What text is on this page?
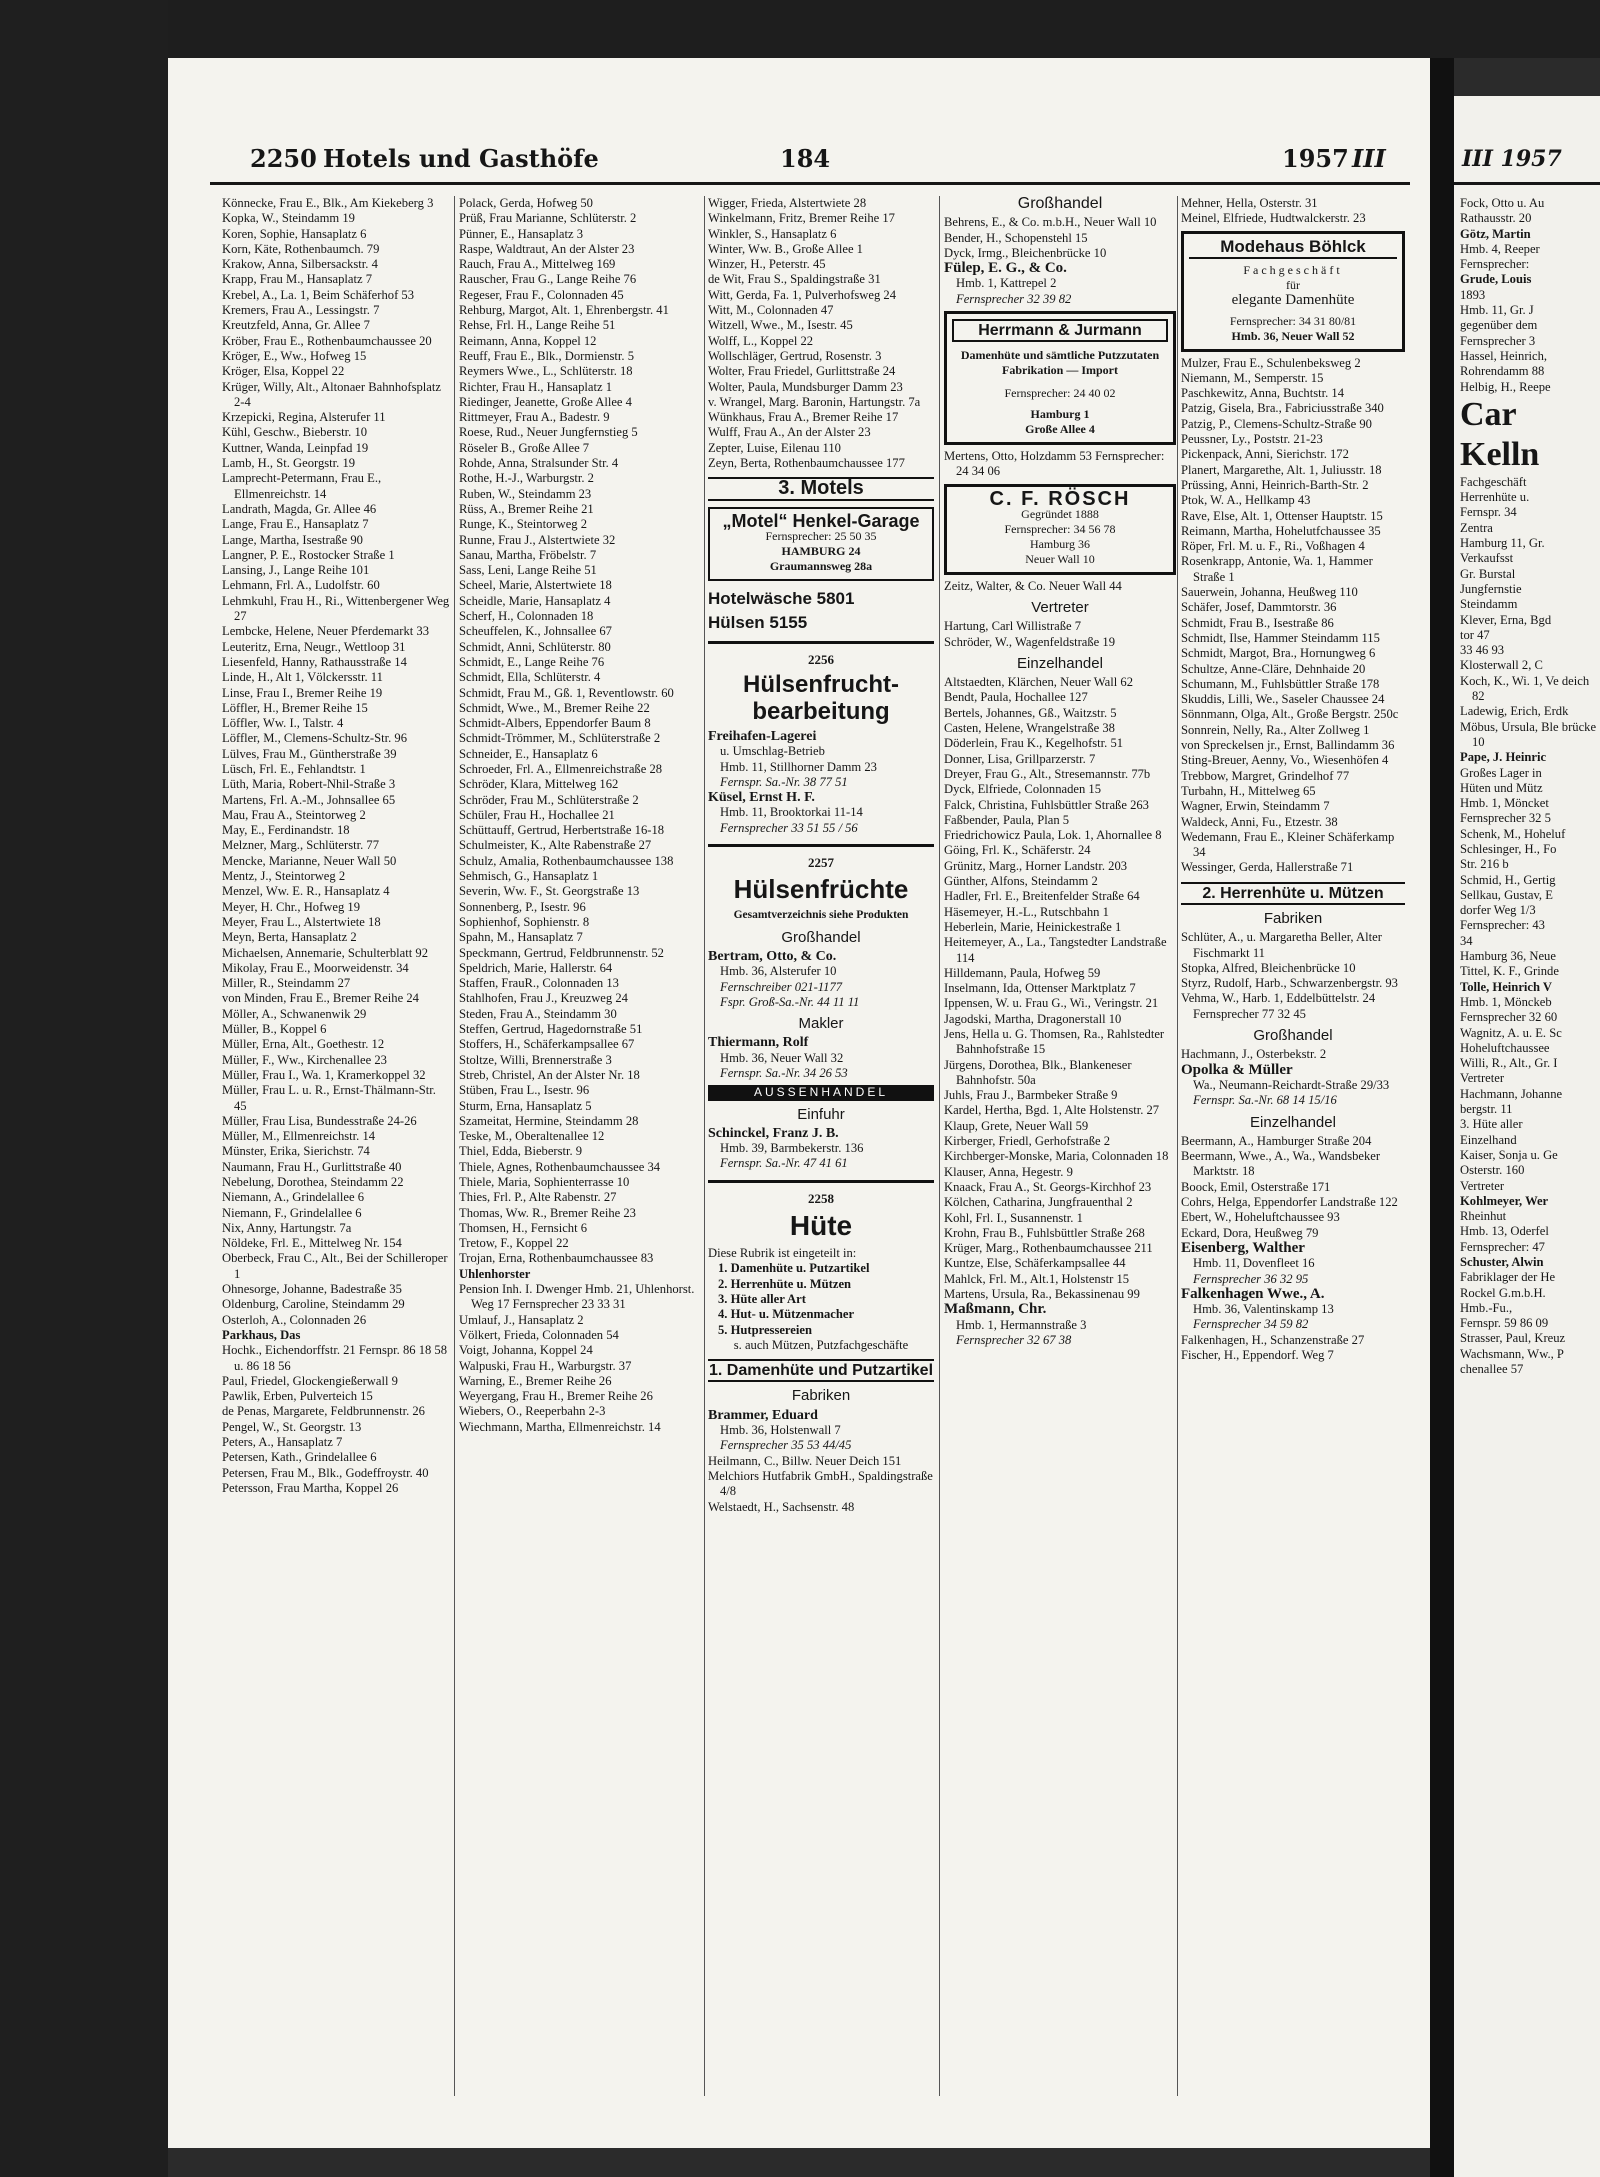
2250 Hotels und Gasthöfe	184	1957 III

Könnecke, Frau E., Blk., Am Kiekeberg 3

Kopka, W., Steindamm 19

Koren, Sophie, Hansaplatz 6

Korn, Käte, Rothenbaumch. 79

Krakow, Anna, Silbersackstr. 4

Krapp, Frau M., Hansaplatz 7

Krebel, A., La. 1, Beim Schäferhof 53

Kremers, Frau A., Lessingstr. 7

Kreutzfeld, Anna, Gr. Allee 7

Kröber, Frau E., Rothenbaumchaussee 20

Kröger, E., Ww., Hofweg 15

Kröger, Elsa, Koppel 22

Krüger, Willy, Alt., Altonaer Bahnhofsplatz 2-4

Krzepicki, Regina, Alsterufer 11

Kühl, Geschw., Bieberstr. 10

Kuttner, Wanda, Leinpfad 19

Lamb, H., St. Georgstr. 19

Lamprecht-Petermann, Frau E., Ellmenreichstr. 14

Landrath, Magda, Gr. Allee 46

Lange, Frau E., Hansaplatz 7

Lange, Martha, Isestraße 90

Langner, P. E., Rostocker Straße 1

Lansing, J., Lange Reihe 101

Lehmann, Frl. A., Ludolfstr. 60

Lehmkuhl, Frau H., Ri., Wittenbergener Weg 27

Lembcke, Helene, Neuer Pferdemarkt 33

Leuteritz, Erna, Neugr., Wettloop 31

Liesenfeld, Hanny, Rathausstraße 14

Linde, H., Alt 1, Völckersstr. 11

Linse, Frau I., Bremer Reihe 19

Löffler, H., Bremer Reihe 15

Löffler, Ww. I., Talstr. 4

Löffler, M., Clemens-Schultz-Str. 96

Lülves, Frau M., Güntherstraße 39

Lüsch, Frl. E., Fehlandtstr. 1

Lüth, Maria, Robert-Nhil-Straße 3

Martens, Frl. A.-M., Johnsallee 65

Mau, Frau A., Steintorweg 2

May, E., Ferdinandstr. 18

Melzner, Marg., Schlüterstr. 77

Mencke, Marianne, Neuer Wall 50

Mentz, J., Steintorweg 2

Menzel, Ww. E. R., Hansaplatz 4

Meyer, H. Chr., Hofweg 19

Meyer, Frau L., Alstertwiete 18

Meyn, Berta, Hansaplatz 2

Michaelsen, Annemarie, Schulterblatt 92

Mikolay, Frau E., Moorweidenstr. 34

Miller, R., Steindamm 27

von Minden, Frau E., Bremer Reihe 24

Möller, A., Schwanenwik 29

Müller, B., Koppel 6

Müller, Erna, Alt., Goethestr. 12

Müller, F., Ww., Kirchenallee 23

Müller, Frau I., Wa. 1, Kramerkoppel 32

Müller, Frau L. u. R., Ernst-Thälmann-Str. 45

Müller, Frau Lisa, Bundesstraße 24-26

Müller, M., Ellmenreichstr. 14

Münster, Erika, Sierichstr. 74

Naumann, Frau H., Gurlittstraße 40

Nebelung, Dorothea, Steindamm 22

Niemann, A., Grindelallee 6

Niemann, F., Grindelallee 6

Nix, Anny, Hartungstr. 7a

Nöldeke, Frl. E., Mittelweg Nr. 154

Oberbeck, Frau C., Alt., Bei der Schilleroper 1

Ohnesorge, Johanne, Badestraße 35

Oldenburg, Caroline, Steindamm 29

Osterloh, A., Colonnaden 26

Parkhaus, Das

Hochk., Eichendorffstr. 21 Fernspr. 86 18 58 u. 86 18 56

Paul, Friedel, Glockengießerwall 9

Pawlik, Erben, Pulverteich 15

de Penas, Margarete, Feldbrunnenstr. 26

Pengel, W., St. Georgstr. 13

Peters, A., Hansaplatz 7

Petersen, Kath., Grindelallee 6

Petersen, Frau M., Blk., Godeffroystr. 40

Petersson, Frau Martha, Koppel 26

Polack, Gerda, Hofweg 50

Prüß, Frau Marianne, Schlüterstr. 2

Pünner, E., Hansaplatz 3

Raspe, Waldtraut, An der Alster 23

Rauch, Frau A., Mittelweg 169

Rauscher, Frau G., Lange Reihe 76

Regeser, Frau F., Colonnaden 45

Rehburg, Margot, Alt. 1, Ehrenbergstr. 41

Rehse, Frl. H., Lange Reihe 51

Reimann, Anna, Koppel 12

Reuff, Frau E., Blk., Dormienstr. 5

Reymers Wwe., L., Schlüterstr. 18

Richter, Frau H., Hansaplatz 1

Riedinger, Jeanette, Große Allee 4

Rittmeyer, Frau A., Badestr. 9

Roese, Rud., Neuer Jungfernstieg 5

Röseler B., Große Allee 7

Rohde, Anna, Stralsunder Str. 4

Rothe, H.-J., Warburgstr. 2

Ruben, W., Steindamm 23

Rüss, A., Bremer Reihe 21

Runge, K., Steintorweg 2

Runne, Frau J., Alstertwiete 32

Sanau, Martha, Fröbelstr. 7

Sass, Leni, Lange Reihe 51

Scheel, Marie, Alstertwiete 18

Scheidle, Marie, Hansaplatz 4

Scherf, H., Colonnaden 18

Scheuffelen, K., Johnsallee 67

Schmidt, Anni, Schlüterstr. 80

Schmidt, E., Lange Reihe 76

Schmidt, Ella, Schlüterstr. 4

Schmidt, Frau M., Gß. 1, Reventlowstr. 60

Schmidt, Wwe., M., Bremer Reihe 22

Schmidt-Albers, Eppendorfer Baum 8

Schmidt-Trömmer, M., Schlüterstraße 2

Schneider, E., Hansaplatz 6

Schroeder, Frl. A., Ellmenreichstraße 28

Schröder, Klara, Mittelweg 162

Schröder, Frau M., Schlüterstraße 2

Schüler, Frau H., Hochallee 21

Schüttauff, Gertrud, Herbertstraße 16-18

Schulmeister, K., Alte Rabenstraße 27

Schulz, Amalia, Rothenbaumchaussee 138

Sehmisch, G., Hansaplatz 1

Severin, Ww. F., St. Georgstraße 13

Sonnenberg, P., Isestr. 96

Sophienhof, Sophienstr. 8

Spahn, M., Hansaplatz 7

Speckmann, Gertrud, Feldbrunnenstr. 52

Speldrich, Marie, Hallerstr. 64

Staffen, FrauR., Colonnaden 13

Stahlhofen, Frau J., Kreuzweg 24

Steden, Frau A., Steindamm 30

Steffen, Gertrud, Hagedornstraße 51

Stoffers, H., Schäferkampsallee 67

Stoltze, Willi, Brennerstraße 3

Streb, Christel, An der Alster Nr. 18

Stüben, Frau L., Isestr. 96

Sturm, Erna, Hansaplatz 5

Szameitat, Hermine, Steindamm 28

Teske, M., Oberaltenallee 12

Thiel, Edda, Bieberstr. 9

Thiele, Agnes, Rothenbaumchaussee 34

Thiele, Maria, Sophienterrasse 10

Thies, Frl. P., Alte Rabenstr. 27

Thomas, Ww. R., Bremer Reihe 23

Thomsen, H., Fernsicht 6

Tretow, F., Koppel 22

Trojan, Erna, Rothenbaumchaussee 83

Uhlenhorster

Pension Inh. I. Dwenger Hmb. 21, Uhlenhorst. Weg 17 Fernsprecher 23 33 31

Umlauf, J., Hansaplatz 2

Völkert, Frieda, Colonnaden 54

Voigt, Johanna, Koppel 24

Walpuski, Frau H., Warburgstr. 37

Warning, E., Bremer Reihe 26

Weyergang, Frau H., Bremer Reihe 26

Wiebers, O., Reeperbahn 2-3

Wiechmann, Martha, Ellmenreichstr. 14

Wigger, Frieda, Alstertwiete 28

Winkelmann, Fritz, Bremer Reihe 17

Winkler, S., Hansaplatz 6

Winter, Ww. B., Große Allee 1

Winzer, H., Peterstr. 45

de Wit, Frau S., Spaldingstraße 31

Witt, Gerda, Fa. 1, Pulverhofsweg 24

Witt, M., Colonnaden 47

Witzell, Wwe., M., Isestr. 45

Wolff, L., Koppel 22

Wollschläger, Gertrud, Rosenstr. 3

Wolter, Frau Friedel, Gurlittstraße 24

Wolter, Paula, Mundsburger Damm 23

v. Wrangel, Marg. Baronin, Hartungstr. 7a

Wünkhaus, Frau A., Bremer Reihe 17

Wulff, Frau A., An der Alster 23

Zepter, Luise, Eilenau 110

Zeyn, Berta, Rothenbaumchaussee 177

3. Motels
„Motel“ Henkel-Garage
Fernsprecher: 25 50 35
HAMBURG 24
Graumannsweg 28a
Hotelwäsche 5801
Hülsen 5155
2256
Hülsenfrucht-bearbeitung
Freihafen-Lagerei
u. Umschlag-Betrieb
Hmb. 11, Stillhorner Damm 23
Fernspr. Sa.-Nr. 38 77 51
Küsel, Ernst H. F.
Hmb. 11, Brooktorkai 11-14
Fernsprecher 33 51 55 / 56
2257
Hülsenfrüchte
Gesamtverzeichnis siehe Produkten
Großhandel
Bertram, Otto, & Co.
Hmb. 36, Alsterufer 10
Fernschreiber 021-1177
Fspr. Groß-Sa.-Nr. 44 11 11
Makler
Thiermann, Rolf
Hmb. 36, Neuer Wall 32
Fernspr. Sa.-Nr. 34 26 53
AUSSENHANDEL
Einfuhr
Schinckel, Franz J. B.
Hmb. 39, Barmbekerstr. 136
Fernspr. Sa.-Nr. 47 41 61
2258
Hüte
Diese Rubrik ist eingeteilt in:

1. Damenhüte u. Putzartikel

2. Herrenhüte u. Mützen

3. Hüte aller Art

4. Hut- u. Mützenmacher

5. Hutpressereien

s. auch Mützen, Putzfachgeschäfte
1. Damenhüte und Putzartikel
Fabriken
Brammer, Eduard
Hmb. 36, Holstenwall 7
Fernsprecher 35 53 44/45

Heilmann, C., Billw. Neuer Deich 151

Melchiors Hutfabrik GmbH., Spaldingstraße 4/8

Welstaedt, H., Sachsenstr. 48

Großhandel

Behrens, E., & Co. m.b.H., Neuer Wall 10

Bender, H., Schopenstehl 15

Dyck, Irmg., Bleichenbrücke 10

Fülep, E. G., & Co.
Hmb. 1, Kattrepel 2
Fernsprecher 32 39 82
Herrmann & Jurmann
Damenhüte und sämtliche Putzzutaten
Fabrikation — Import
Fernsprecher: 24 40 02
Hamburg 1
Große Allee 4

Mertens, Otto, Holzdamm 53 Fernsprecher: 24 34 06

C. F. RÖSCH
Gegründet 1888
Fernsprecher: 34 56 78
Hamburg 36
Neuer Wall 10

Zeitz, Walter, & Co. Neuer Wall 44

Vertreter

Hartung, Carl Willistraße 7

Schröder, W., Wagenfeldstraße 19

Einzelhandel

Altstaedten, Klärchen, Neuer Wall 62

Bendt, Paula, Hochallee 127

Bertels, Johannes, Gß., Waitzstr. 5

Casten, Helene, Wrangelstraße 38

Döderlein, Frau K., Kegelhofstr. 51

Donner, Lisa, Grillparzerstr. 7

Dreyer, Frau G., Alt., Stresemannstr. 77b

Dyck, Elfriede, Colonnaden 15

Falck, Christina, Fuhlsbüttler Straße 263

Faßbender, Paula, Plan 5

Friedrichowicz Paula, Lok. 1, Ahornallee 8

Göing, Frl. K., Schäferstr. 24

Grünitz, Marg., Horner Landstr. 203

Günther, Alfons, Steindamm 2

Hadler, Frl. E., Breitenfelder Straße 64

Häsemeyer, H.-L., Rutschbahn 1

Heberlein, Marie, Heinickestraße 1

Heitemeyer, A., La., Tangstedter Landstraße 114

Hilldemann, Paula, Hofweg 59

Inselmann, Ida, Ottenser Marktplatz 7

Ippensen, W. u. Frau G., Wi., Veringstr. 21

Jagodski, Martha, Dragonerstall 10

Jens, Hella u. G. Thomsen, Ra., Rahlstedter Bahnhofstraße 15

Jürgens, Dorothea, Blk., Blankeneser Bahnhofstr. 50a

Juhls, Frau J., Barmbeker Straße 9

Kardel, Hertha, Bgd. 1, Alte Holstenstr. 27

Klaup, Grete, Neuer Wall 59

Kirberger, Friedl, Gerhofstraße 2

Kirchberger-Monske, Maria, Colonnaden 18

Klauser, Anna, Hegestr. 9

Knaack, Frau A., St. Georgs-Kirchhof 23

Kölchen, Catharina, Jungfrauenthal 2

Kohl, Frl. I., Susannenstr. 1

Krohn, Frau B., Fuhlsbüttler Straße 268

Krüger, Marg., Rothenbaumchaussee 211

Kuntze, Else, Schäferkampsallee 44

Mahlck, Frl. M., Alt.1, Holstenstr 15

Martens, Ursula, Ra., Bekassinenau 99

Maßmann, Chr.
Hmb. 1, Hermannstraße 3
Fernsprecher 32 67 38

Mehner, Hella, Osterstr. 31

Meinel, Elfriede, Hudtwalckerstr. 23

Modehaus Böhlck
Fachgeschäft
für
elegante Damenhüte
Fernsprecher: 34 31 80/81
Hmb. 36, Neuer Wall 52

Mulzer, Frau E., Schulenbeksweg 2

Niemann, M., Semperstr. 15

Paschkewitz, Anna, Buchtstr. 14

Patzig, Gisela, Bra., Fabriciusstraße 340

Patzig, P., Clemens-Schultz-Straße 90

Peussner, Ly., Poststr. 21-23

Pickenpack, Anni, Sierichstr. 172

Planert, Margarethe, Alt. 1, Juliusstr. 18

Prüssing, Anni, Heinrich-Barth-Str. 2

Ptok, W. A., Hellkamp 43

Rave, Else, Alt. 1, Ottenser Hauptstr. 15

Reimann, Martha, Hohelutfchaussee 35

Röper, Frl. M. u. F., Ri., Voßhagen 4

Rosenkrapp, Antonie, Wa. 1, Hammer Straße 1

Sauerwein, Johanna, Heußweg 110

Schäfer, Josef, Dammtorstr. 36

Schmidt, Frau B., Isestraße 86

Schmidt, Ilse, Hammer Steindamm 115

Schmidt, Margot, Bra., Hornungweg 6

Schultze, Anne-Cläre, Dehnhaide 20

Schumann, M., Fuhlsbüttler Straße 178

Skuddis, Lilli, We., Saseler Chaussee 24

Sönnmann, Olga, Alt., Große Bergstr. 250c

Sonnrein, Nelly, Ra., Alter Zollweg 1

von Spreckelsen jr., Ernst, Ballindamm 36

Sting-Breuer, Aenny, Vo., Wiesenhöfen 4

Trebbow, Margret, Grindelhof 77

Turbahn, H., Mittelweg 65

Wagner, Erwin, Steindamm 7

Waldeck, Anni, Fu., Etzestr. 38

Wedemann, Frau E., Kleiner Schäferkamp 34

Wessinger, Gerda, Hallerstraße 71

2. Herrenhüte u. Mützen
Fabriken

Schlüter, A., u. Margaretha Beller, Alter Fischmarkt 11

Stopka, Alfred, Bleichenbrücke 10

Styrz, Rudolf, Harb., Schwarzenbergstr. 93

Vehma, W., Harb. 1, Eddelbüttelstr. 24 Fernsprecher 77 32 45

Großhandel

Hachmann, J., Osterbekstr. 2

Opolka & Müller
Wa., Neumann-Reichardt-Straße 29/33
Fernspr. Sa.-Nr. 68 14 15/16
Einzelhandel

Beermann, A., Hamburger Straße 204

Beermann, Wwe., A., Wa., Wandsbeker Marktstr. 18

Boock, Emil, Osterstraße 171

Cohrs, Helga, Eppendorfer Landstraße 122

Ebert, W., Hoheluftchaussee 93

Eckard, Dora, Heußweg 79

Eisenberg, Walther
Hmb. 11, Dovenfleet 16
Fernsprecher 36 32 95
Falkenhagen Wwe., A.
Hmb. 36, Valentinskamp 13
Fernsprecher 34 59 82

Falkenhagen, H., Schanzenstraße 27

Fischer, H., Eppendorf. Weg 7

III 1957

Fock, Otto u. Au

Rathausstr. 20

Götz, Martin

Hmb. 4, Reeper

Fernsprecher:

Grude, Louis

1893

Hmb. 11, Gr. J

gegenüber dem

Fernsprecher 3

Hassel, Heinrich,

Rohrendamm 88

Helbig, H., Reepe

Car

Kelln

Fachgeschäft

Herrenhüte u.

Fernspr. 34

Zentra

Hamburg 11, Gr.

Verkaufsst

Gr. Burstal

Jungfernstie

Steindamm

Klever, Erna, Bgd

tor 47

33 46 93

Klosterwall 2, C

Koch, K., Wi. 1, Ve deich 82

Ladewig, Erich, Erdk

Möbus, Ursula, Ble brücke 10

Pape, J. Heinric

Großes Lager in

Hüten und Mütz

Hmb. 1, Möncket

Fernsprecher 32 5

Schenk, M., Hoheluf

Schlesinger, H., Fo

Str. 216 b

Schmid, H., Gertig

Sellkau, Gustav, E

dorfer Weg 1/3

Fernsprecher: 43

34

Hamburg 36, Neue

Tittel, K. F., Grinde

Tolle, Heinrich V

Hmb. 1, Mönckeb

Fernsprecher 32 60

Wagnitz, A. u. E. Sc

Hoheluftchaussee

Willi, R., Alt., Gr. I

Vertreter

Hachmann, Johanne

bergstr. 11

3. Hüte aller

Einzelhand

Kaiser, Sonja u. Ge

Osterstr. 160

Vertreter

Kohlmeyer, Wer

Rheinhut

Hmb. 13, Oderfel

Fernsprecher: 47

Schuster, Alwin

Fabriklager der He

Rockel G.m.b.H.

Hmb.-Fu.,

Fernspr. 59 86 09

Strasser, Paul, Kreuz

Wachsmann, Ww., P

chenallee 57
